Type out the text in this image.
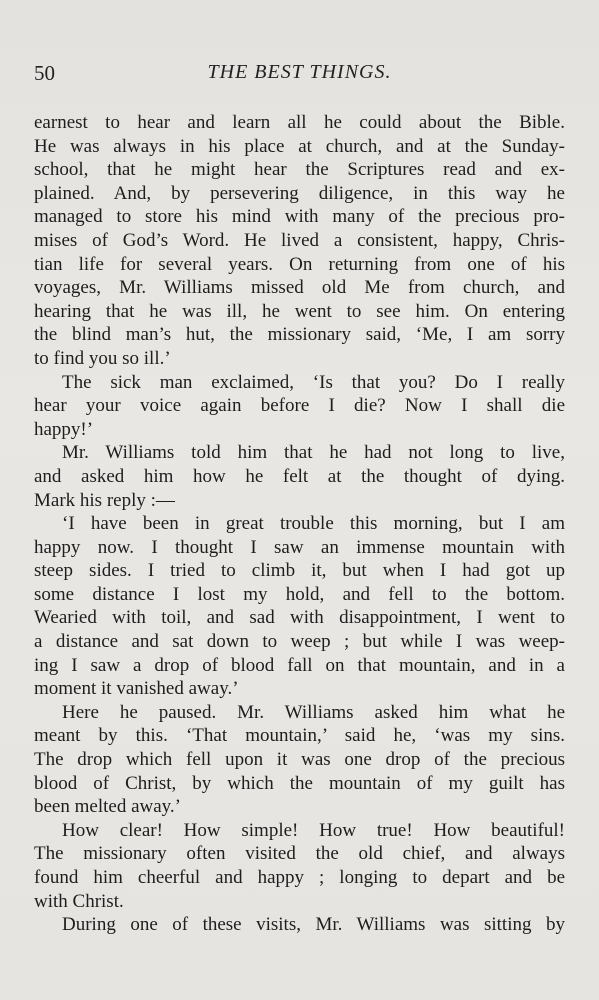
50	THE BEST THINGS.
earnest to hear and learn all he could about the Bible.
He was always in his place at church, and at the Sunday-
school, that he might hear the Scriptures read and ex-
plained. And, by persevering diligence, in this way he
managed to store his mind with many of the precious pro-
mises of God’s Word. He lived a consistent, happy, Chris-
tian life for several years. On returning from one of his
voyages, Mr. Williams missed old Me from church, and
hearing that he was ill, he went to see him. On entering
the blind man’s hut, the missionary said, ‘Me, I am sorry
to find you so ill.’
The sick man exclaimed, ‘Is that you? Do I really
hear your voice again before I die? Now I shall die
happy!’
Mr. Williams told him that he had not long to live,
and asked him how he felt at the thought of dying.
Mark his reply :—
‘I have been in great trouble this morning, but I am
happy now. I thought I saw an immense mountain with
steep sides. I tried to climb it, but when I had got up
some distance I lost my hold, and fell to the bottom.
Wearied with toil, and sad with disappointment, I went to
a distance and sat down to weep ; but while I was weep-
ing I saw a drop of blood fall on that mountain, and in a
moment it vanished away.’
Here he paused. Mr. Williams asked him what he
meant by this. ‘That mountain,’ said he, ‘was my sins.
The drop which fell upon it was one drop of the precious
blood of Christ, by which the mountain of my guilt has
been melted away.’
How clear! How simple! How true! How beautiful!
The missionary often visited the old chief, and always
found him cheerful and happy ; longing to depart and be
with Christ.
During one of these visits, Mr. Williams was sitting by
